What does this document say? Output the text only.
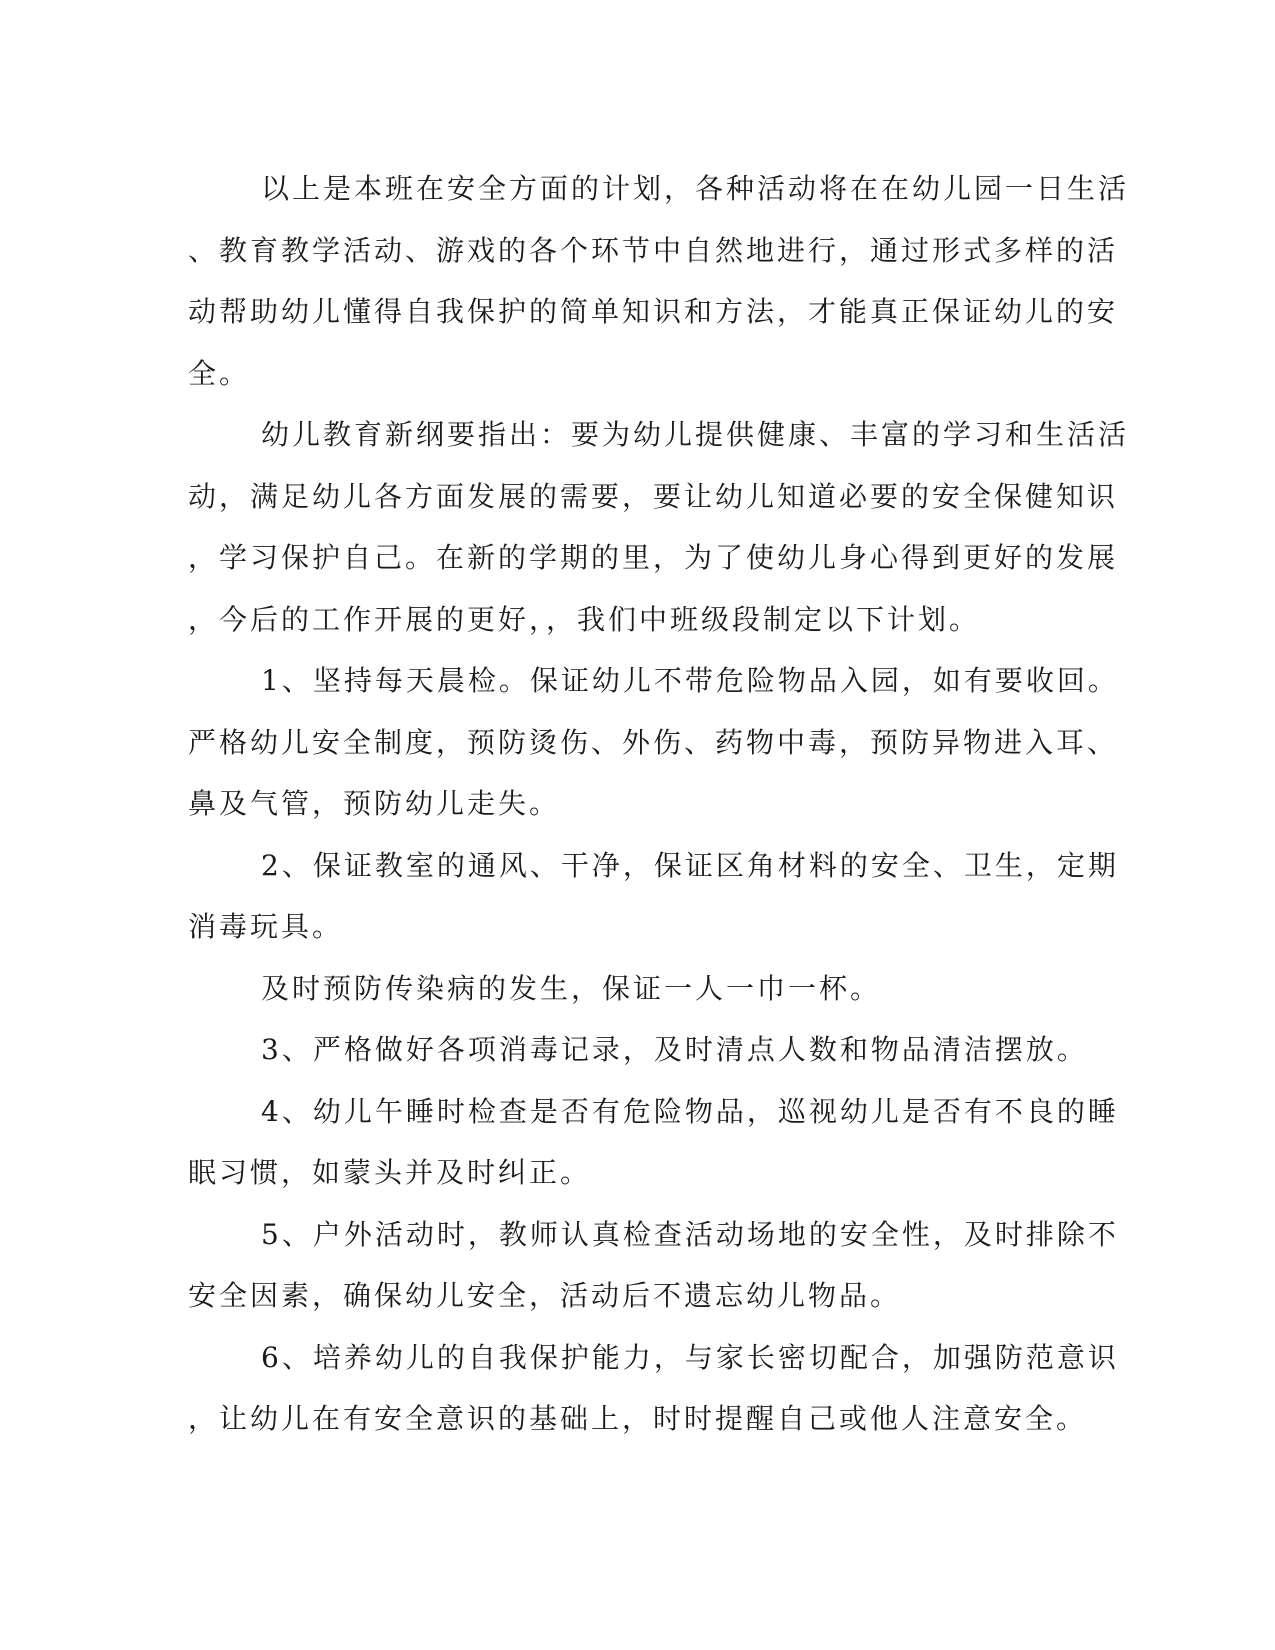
以上是本班在安全方面的计划，各种活动将在在幼儿园一日生活
、教育教学活动、游戏的各个环节中自然地进行，通过形式多样的活
动帮助幼儿懂得自我保护的简单知识和方法，才能真正保证幼儿的安
全。
幼儿教育新纲要指出：要为幼儿提供健康、丰富的学习和生活活
动，满足幼儿各方面发展的需要，要让幼儿知道必要的安全保健知识
，学习保护自己。在新的学期的里，为了使幼儿身心得到更好的发展
，今后的工作开展的更好，，我们中班级段制定以下计划。
1、坚持每天晨检。保证幼儿不带危险物品入园，如有要收回。
严格幼儿安全制度，预防烫伤、外伤、药物中毒，预防异物进入耳、
鼻及气管，预防幼儿走失。
2、保证教室的通风、干净，保证区角材料的安全、卫生，定期
消毒玩具。
及时预防传染病的发生，保证一人一巾一杯。
3、严格做好各项消毒记录，及时清点人数和物品清洁摆放。
4、幼儿午睡时检查是否有危险物品，巡视幼儿是否有不良的睡
眠习惯，如蒙头并及时纠正。
5、户外活动时，教师认真检查活动场地的安全性，及时排除不
安全因素，确保幼儿安全，活动后不遗忘幼儿物品。
6、培养幼儿的自我保护能力，与家长密切配合，加强防范意识
，让幼儿在有安全意识的基础上，时时提醒自己或他人注意安全。
